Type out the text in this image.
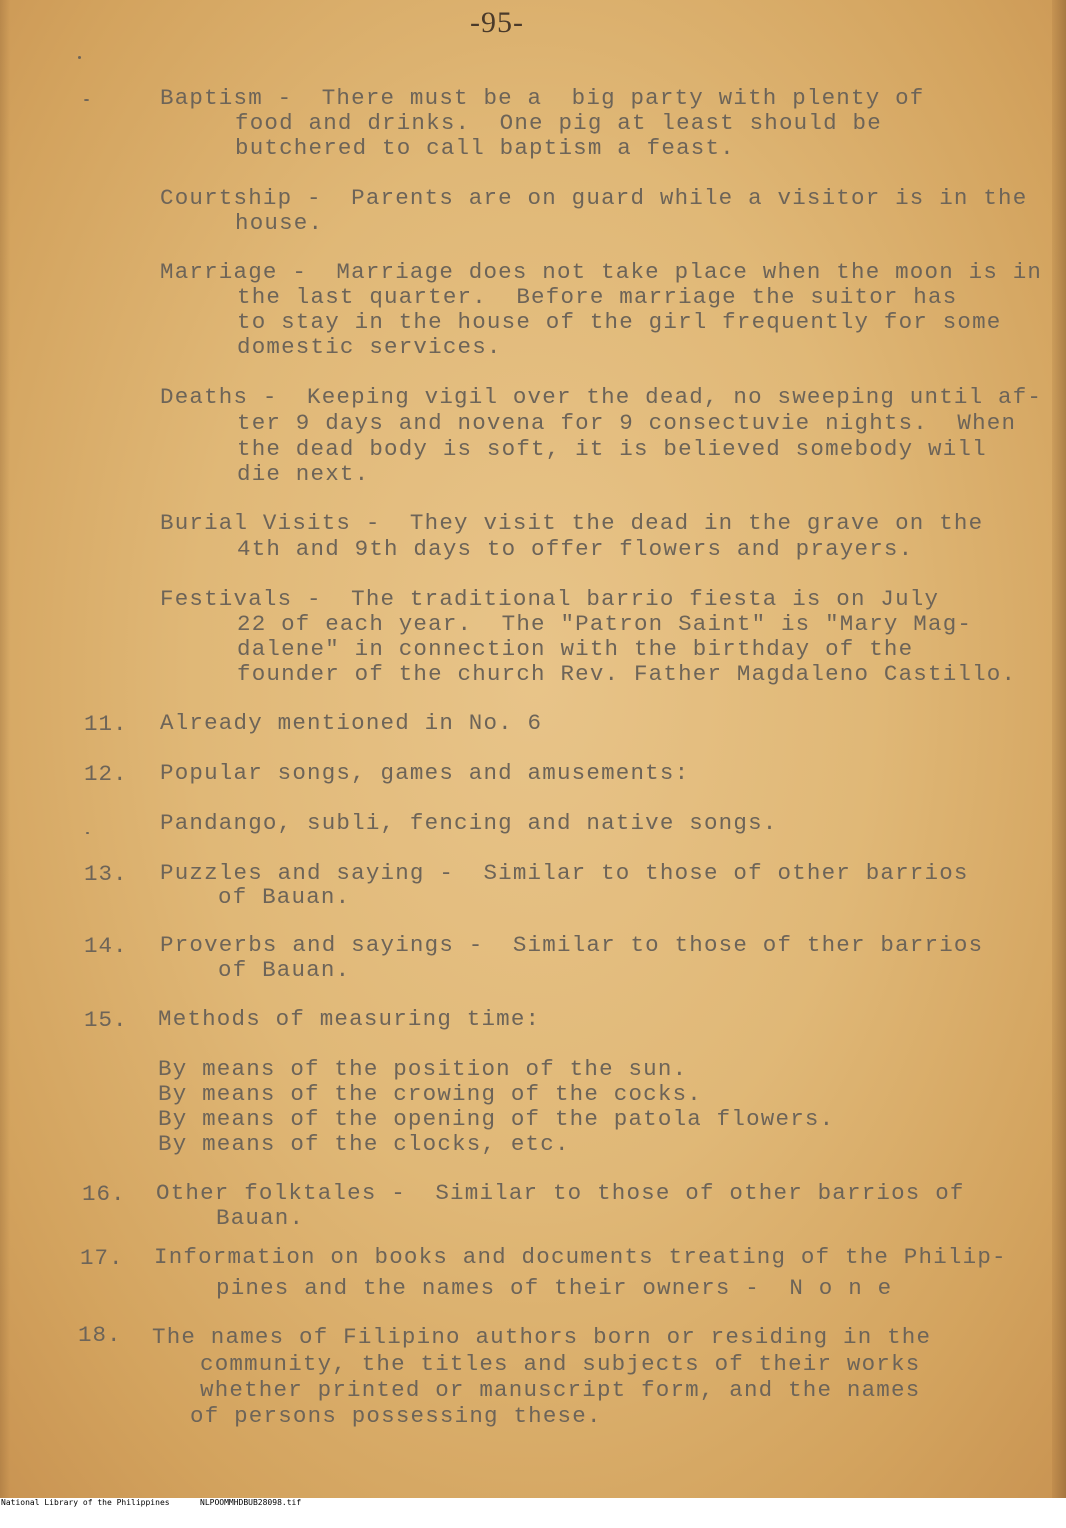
-95-
Baptism -  There must be a  big party with plenty of
food and drinks.  One pig at least should be
butchered to call baptism a feast.
Courtship -  Parents are on guard while a visitor is in the
house.
Marriage -  Marriage does not take place when the moon is in
the last quarter.  Before marriage the suitor has
to stay in the house of the girl frequently for some
domestic services.
Deaths -  Keeping vigil over the dead, no sweeping until af-
ter 9 days and novena for 9 consectuvie nights.  When
the dead body is soft, it is believed somebody will
die next.
Burial Visits -  They visit the dead in the grave on the
4th and 9th days to offer flowers and prayers.
Festivals -  The traditional barrio fiesta is on July
22 of each year.  The "Patron Saint" is "Mary Mag-
dalene" in connection with the birthday of the
founder of the church Rev. Father Magdaleno Castillo.
11. Already mentioned in No. 6
12. Popular songs, games and amusements:
Pandango, subli, fencing and native songs.
13. Puzzles and saying -  Similar to those of other barrios
of Bauan.
14. Proverbs and sayings -  Similar to those of ther barrios
of Bauan.
15. Methods of measuring time:
By means of the position of the sun.
By means of the crowing of the cocks.
By means of the opening of the patola flowers.
By means of the clocks, etc.
16. Other folktales -  Similar to those of other barrios of
Bauan.
17. Information on books and documents treating of the Philip-
pines and the names of their owners -  N o n e
18. The names of Filipino authors born or residing in the
community, the titles and subjects of their works
whether printed or manuscript form, and the names
of persons possessing these.

National Library of the Philippines

	NLPOOMMHDBUB28098.tif
